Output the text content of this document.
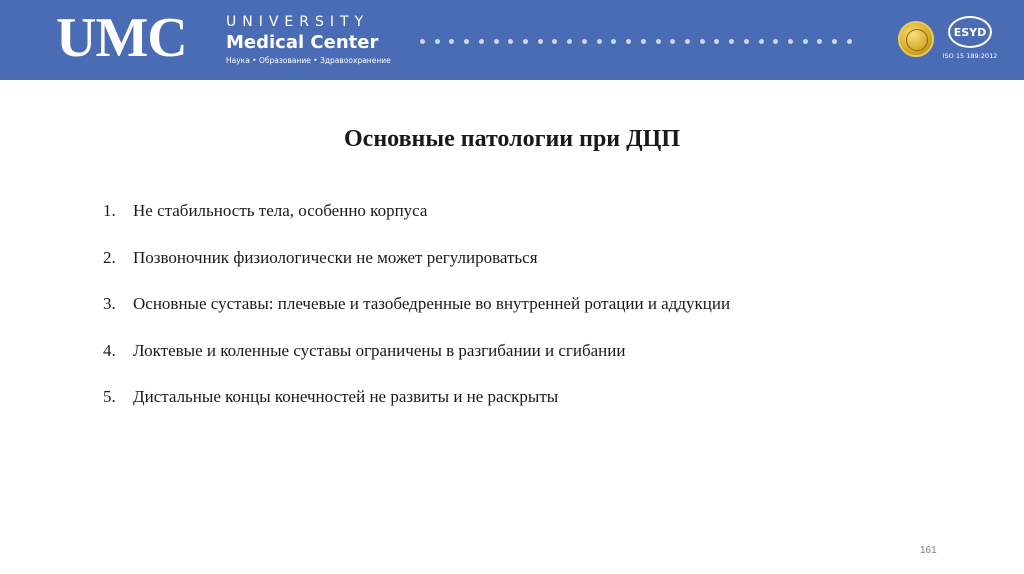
UMC	UNIVERSITY
Medical Center
Наука • Образование • Здравоохранение
ESYD
ISO 15 189:2012
Основные патологии при ДЦП
1. Не стабильность тела, особенно корпуса
2. Позвоночник физиологически не может регулироваться
3. Основные суставы: плечевые и тазобедренные во внутренней ротации и аддукции
4. Локтевые и коленные суставы ограничены в разгибании и сгибании
5. Дистальные концы конечностей не развиты и не раскрыты
161
